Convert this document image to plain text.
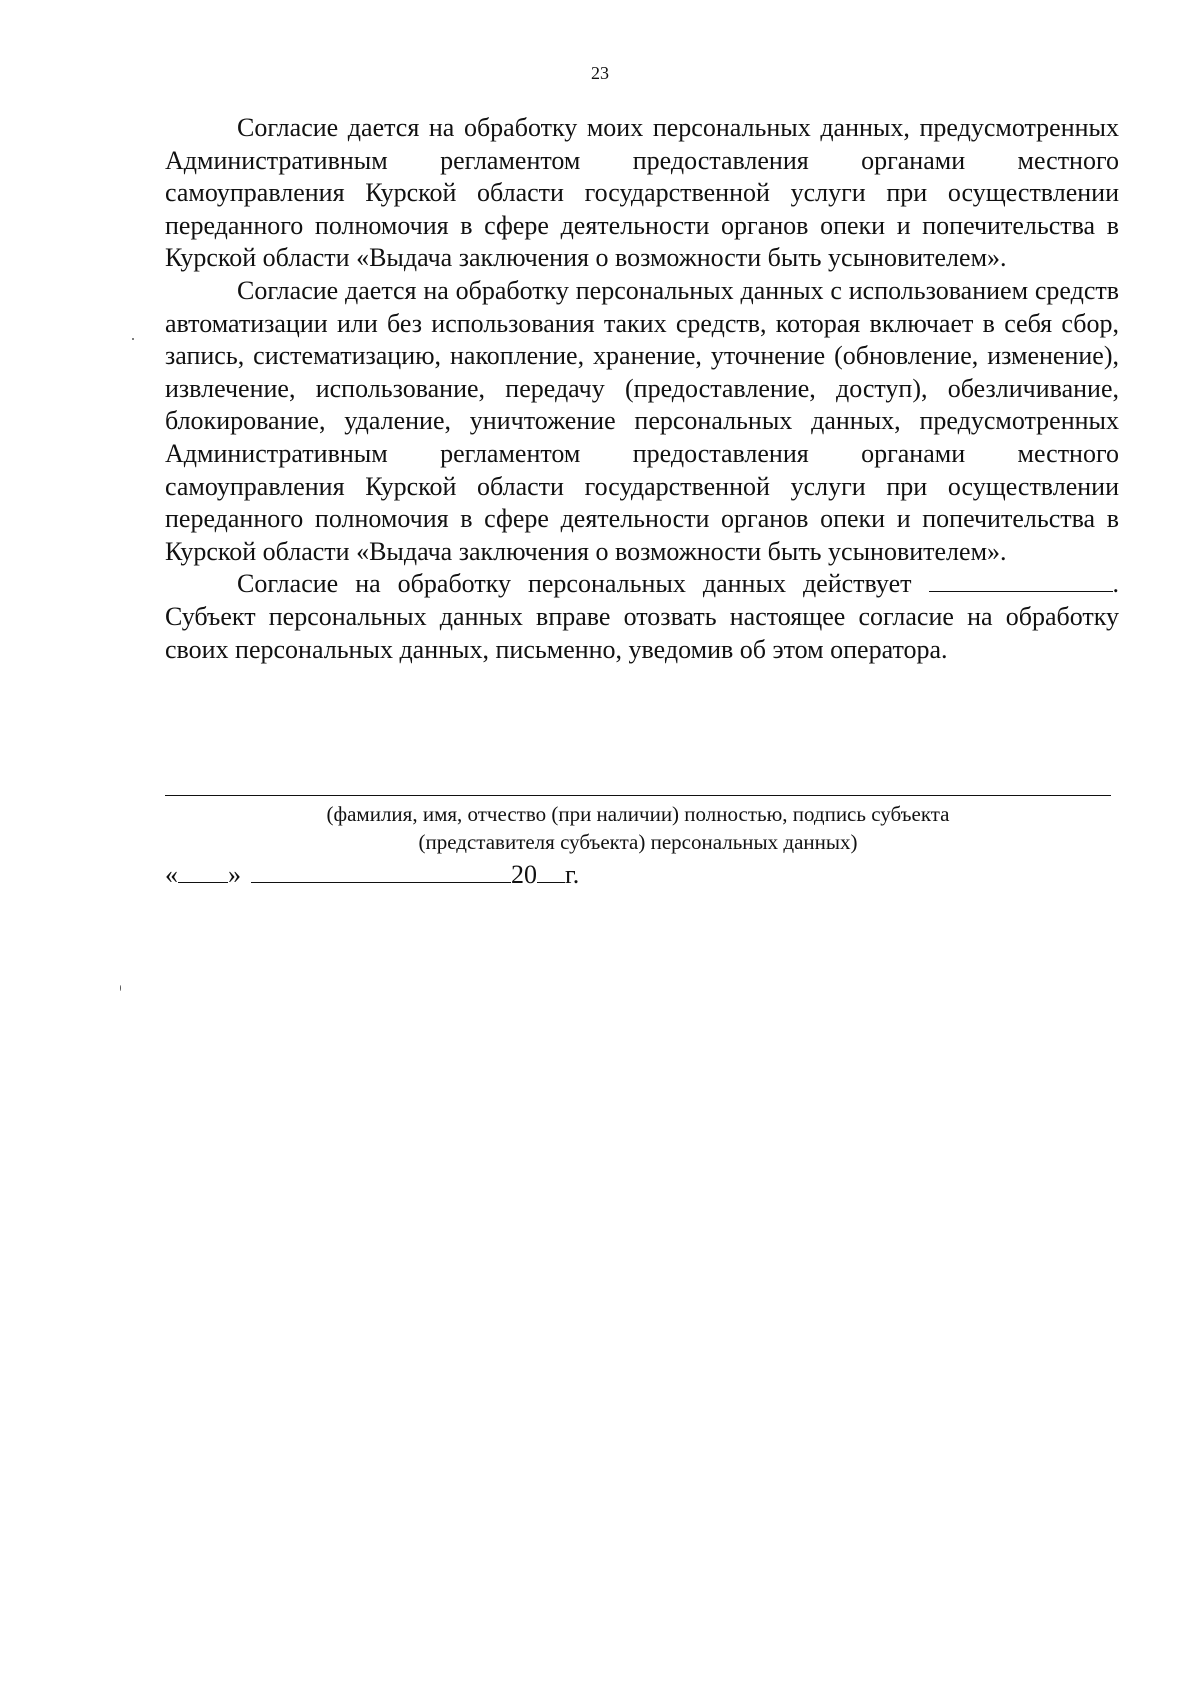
23

Согласие дается на обработку моих персональных данных, предусмотренных Административным регламентом предоставления органами местного самоуправления Курской области государственной услуги при осуществлении переданного полномочия в сфере деятельности органов опеки и попечительства в Курской области «Выдача заключения о возможности быть усыновителем».

Согласие дается на обработку персональных данных с использованием средств автоматизации или без использования таких средств, которая включает в себя сбор, запись, систематизацию, накопление, хранение, уточнение (обновление, изменение), извлечение, использование, передачу (предоставление, доступ), обезличивание, блокирование, удаление, уничтожение персональных данных, предусмотренных Административным регламентом предоставления органами местного самоуправления Курской области государственной услуги при осуществлении переданного полномочия в сфере деятельности органов опеки и попечительства в Курской области «Выдача заключения о возможности быть усыновителем».

Согласие на обработку персональных данных действует	. Субъект персональных данных вправе отозвать настоящее согласие на обработку своих персональных данных, письменно, уведомив об этом оператора.

(фамилия, имя, отчество (при наличии) полностью, подпись субъекта
(представителя субъекта) персональных данных)
« »	20 г.
